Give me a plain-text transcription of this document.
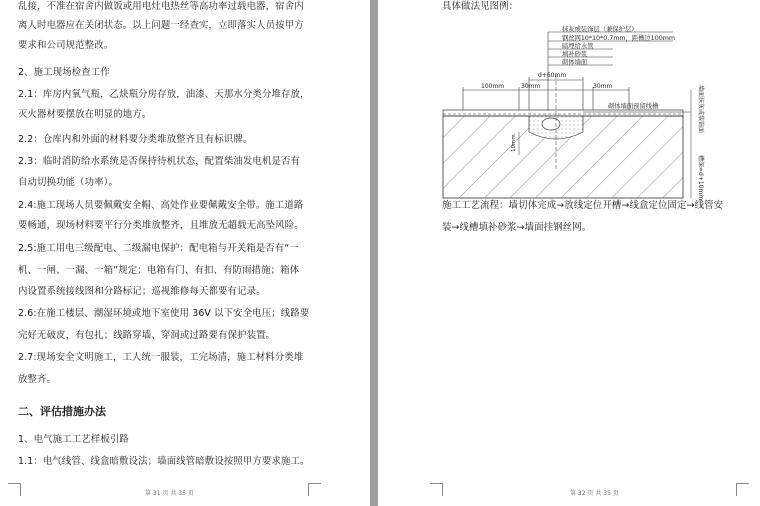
乱接，不准在宿舍内做饭或用电灶电热丝等高功率过载电器，宿舍内
离人时电器应在关闭状态。以上问题一经查实，立即落实人员按甲方
要求和公司规范整改。
2、施工现场检查工作
2.1：库房内氧气瓶，乙炔瓶分房存放，油漆、天那水分类分堆存放，
灭火器材要摆放在明显的地方。
2.2：仓库内和外面的材料要分类堆放整齐且有标识牌。
2.3：临时消防给水系统是否保持待机状态，配置柴油发电机是否有
自动切换功能（功率）。
2.4:施工现场人员要佩戴安全帽、高处作业要佩戴安全带。施工道路
要畅通，现场材料要平行分类堆放整齐，且堆放无超载无高坠风险。
2.5:施工用电三级配电、二级漏电保护：配电箱与开关箱是否有“一
机、一闸、一漏、一箱”规定；电箱有门、有扣、有防雨措施；箱体
内设置系统接线图和分路标记；巡视维修每天都要有记录。
2.6:在施工楼层、潮湿环境或地下室使用 36V 以下安全电压；线路要
完好无破皮，有包扎；线路穿墙、穿洞或过路要有保护装置。
2.7:现场安全文明施工，工人统一服装，工完场清，施工材料分类堆
放整齐。
二、评估措施办法
1、电气施工工艺样板引路
1.1：电气线管、线盒暗敷设法；墙面线管暗敷设按照甲方要求施工。
第 31 页 共 35 页
具体做法见图例：
抹灰或装饰层（兼保护层）
钢丝网10*10*0.7mm，距槽边100mm
暗埋给水管
填补砂浆
砌体墙面
d+60mm
100mm	30mm	30mm
10mm
砌体墙面预留线槽	墙面抹灰或装饰面
槽深=d+10mm
施工工艺流程：墙切体完成→放线定位开槽→线盒定位固定→线管安
装→线槽填补砂浆→墙面挂钢丝网。
第 32 页 共 35 页
